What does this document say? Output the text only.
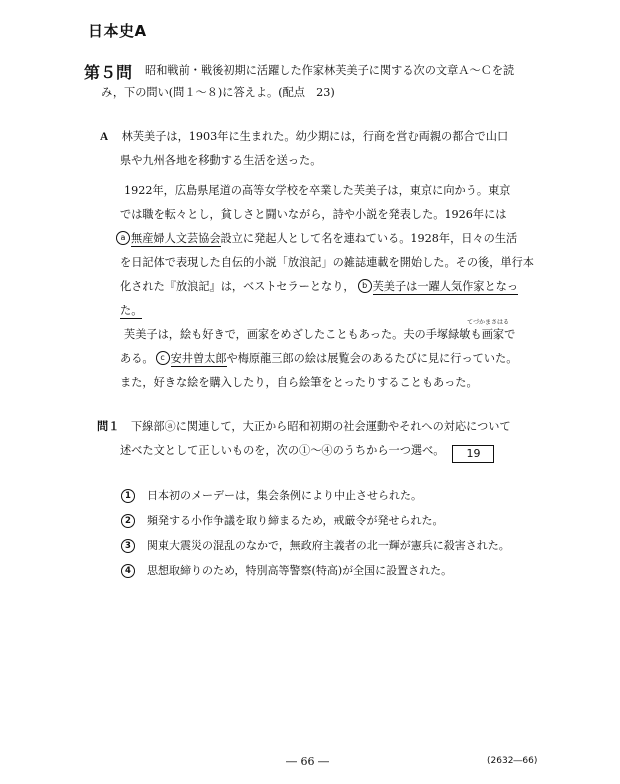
日本史A
第５問 昭和戦前・戦後初期に活躍した作家林芙美子に関する次の文章Ａ～Ｃを読
み，下の問い(問１～８)に答えよ。(配点　23)
A 林芙美子は，1903年に生まれた。幼少期には，行商を営む両親の都合で山口
県や九州各地を移動する生活を送った。
1922年，広島県尾道の高等女学校を卒業した芙美子は，東京に向かう。東京
では職を転々とし，貧しさと闘いながら，詩や小説を発表した。1926年には
a 無産婦人文芸協会設立に発起人として名を連ねている。1928年，日々の生活
を日記体で表現した自伝的小説「放浪記」の雑誌連載を開始した。その後，単行本
化された『放浪記』は，ベストセラーとなり， b 芙美子は一躍人気作家となっ
た。
てづかまさはる
芙美子は，絵も好きで，画家をめざしたこともあった。夫の手塚緑敏も画家で
ある。 c 安井曽太郎や梅原龍三郎の絵は展覧会のあるたびに見に行っていた。
また，好きな絵を購入したり，自ら絵筆をとったりすることもあった。
問１ 下線部ⓐに関連して，大正から昭和初期の社会運動やそれへの対応について
述べた文として正しいものを，次の①～④のうちから一つ選べ。 19
1 日本初のメーデーは，集会条例により中止させられた。
2 頻発する小作争議を取り締まるため，戒厳令が発せられた。
3 関東大震災の混乱のなかで，無政府主義者の北一輝が憲兵に殺害された。
4 思想取締りのため，特別高等警察(特高)が全国に設置された。
― 66 ―	(2632―66)
